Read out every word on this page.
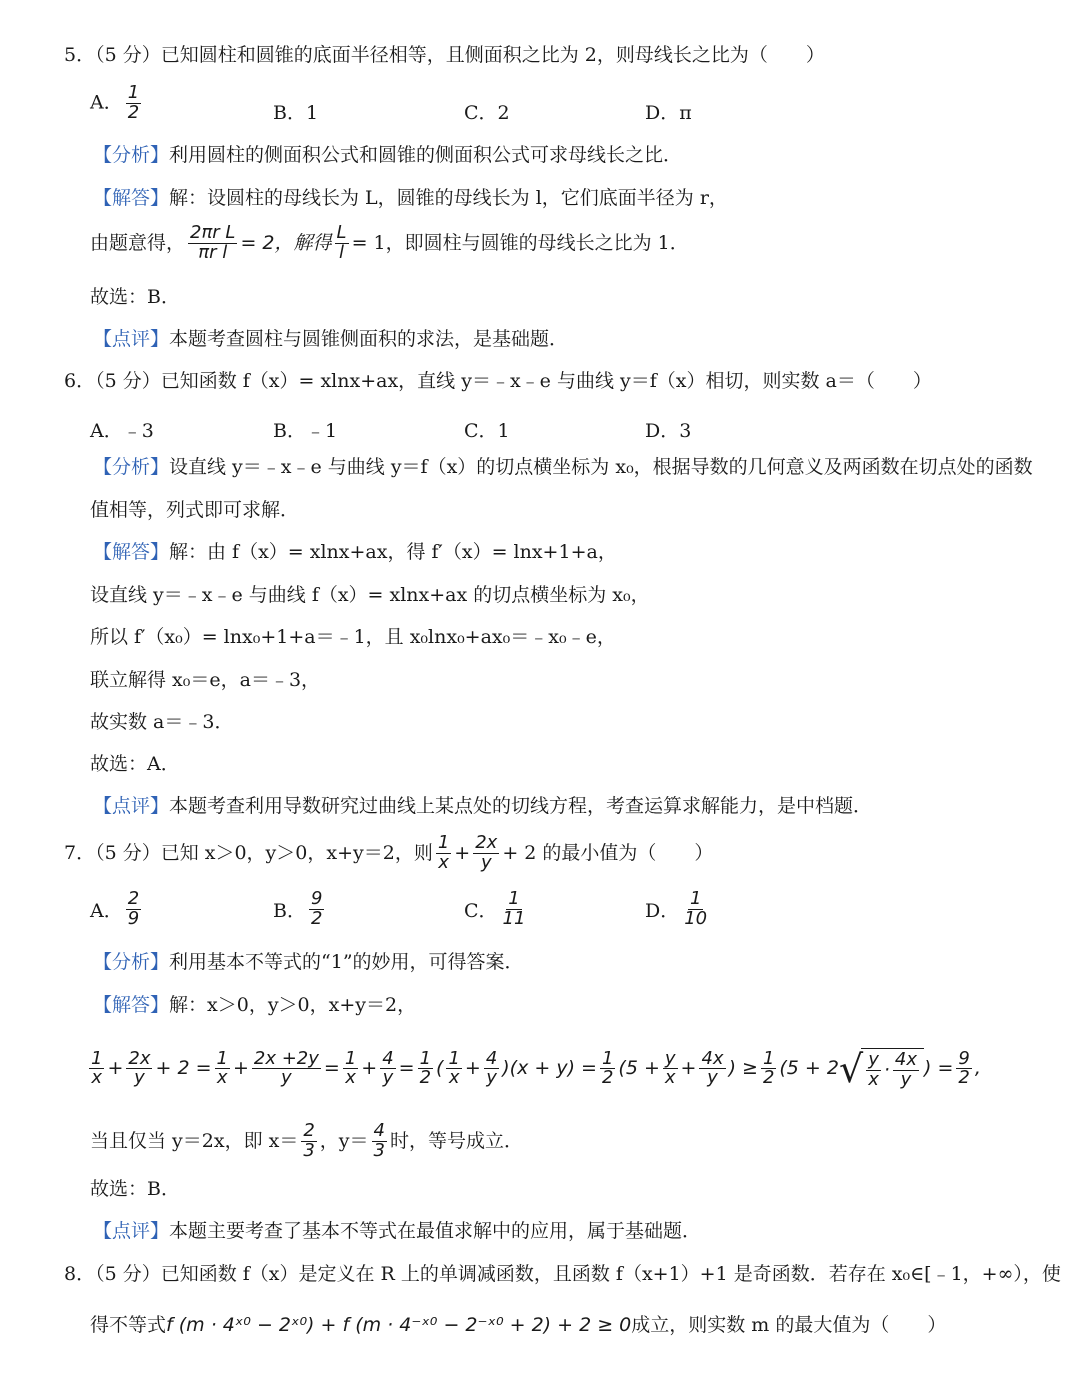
5．（5 分）已知圆柱和圆锥的底面半径相等，且侧面积之比为 2，则母线长之比为（　　）
A． $\frac{1}{2}$	B．1	C．2	D．π
【分析】利用圆柱的侧面积公式和圆锥的侧面积公式可求母线长之比．
【解答】解：设圆柱的母线长为 L，圆锥的母线长为 l，它们底面半径为 r，
由题意得， $\frac{\text{2πr L}}{\text{πr l}} = 2$，解得 $\frac{L}{l} = 1$，即圆柱与圆锥的母线长之比为 1．
故选：B．
【点评】本题考查圆柱与圆锥侧面积的求法，是基础题．
6．（5 分）已知函数 f（x）= xlnx+ax，直线 y＝﹣x﹣e 与曲线 y＝f（x）相切，则实数 a＝（　　）
A．﹣3	B．﹣1	C．1	D．3
【分析】设直线 y＝﹣x﹣e 与曲线 y＝f（x）的切点横坐标为 x₀，根据导数的几何意义及两函数在切点处的函数
值相等，列式即可求解．
【解答】解：由 f（x）= xlnx+ax，得 f′（x）= lnx+1+a，
设直线 y＝﹣x﹣e 与曲线 f（x）= xlnx+ax 的切点横坐标为 x₀，
所以 f′（x₀）= lnx₀+1+a＝﹣1，且 x₀lnx₀+ax₀＝﹣x₀﹣e，
联立解得 x₀＝e，a＝﹣3，
故实数 a＝﹣3．
故选：A．
【点评】本题考查利用导数研究过曲线上某点处的切线方程，考查运算求解能力，是中档题．
7．（5 分）已知 x＞0，y＞0，x+y＝2，则 $\frac{1}{x} + \frac{2x}{y} + 2$ 的最小值为（　　）
A． $\frac{2}{9}$	B． $\frac{9}{2}$	C． $\frac{1}{11}$	D． $\frac{1}{10}$
【分析】利用基本不等式的“1”的妙用，可得答案．
【解答】解：x＞0，y＞0，x+y＝2，
$\frac{1}{x} + \frac{2x}{y} + 2 = \frac{1}{x} + \frac{2x +2y}{y} = \frac{1}{x} + \frac{4}{y} = \frac{1}{2}$ ( $\frac{1}{x} + \frac{4}{y} )(x + y) = \frac{1}{2} (5 + \frac{y}{x} + \frac{4x}{y}$ ) ≥ $\frac{1}{2} (5 + 2$ √ $\frac{y}{x} \cdot \frac{4x}{y}$ ) = $\frac{9}{2}$ ,
当且仅当 y＝2x，即 $x= \frac{2}{3}$ ，$y= \frac{4}{3}$ 时，等号成立．
故选：B．
【点评】本题主要考查了基本不等式在最值求解中的应用，属于基础题．
8．（5 分）已知函数 f（x）是定义在 R 上的单调减函数，且函数 f（x+1）+1 是奇函数．若存在 x₀∈[﹣1，+∞），使
得不等式f (m · 4ˣ⁰ − 2ˣ⁰) + f (m · 4⁻ˣ⁰ − 2⁻ˣ⁰ + 2) + 2 ≥ 0成立，则实数 m 的最大值为（　　）
